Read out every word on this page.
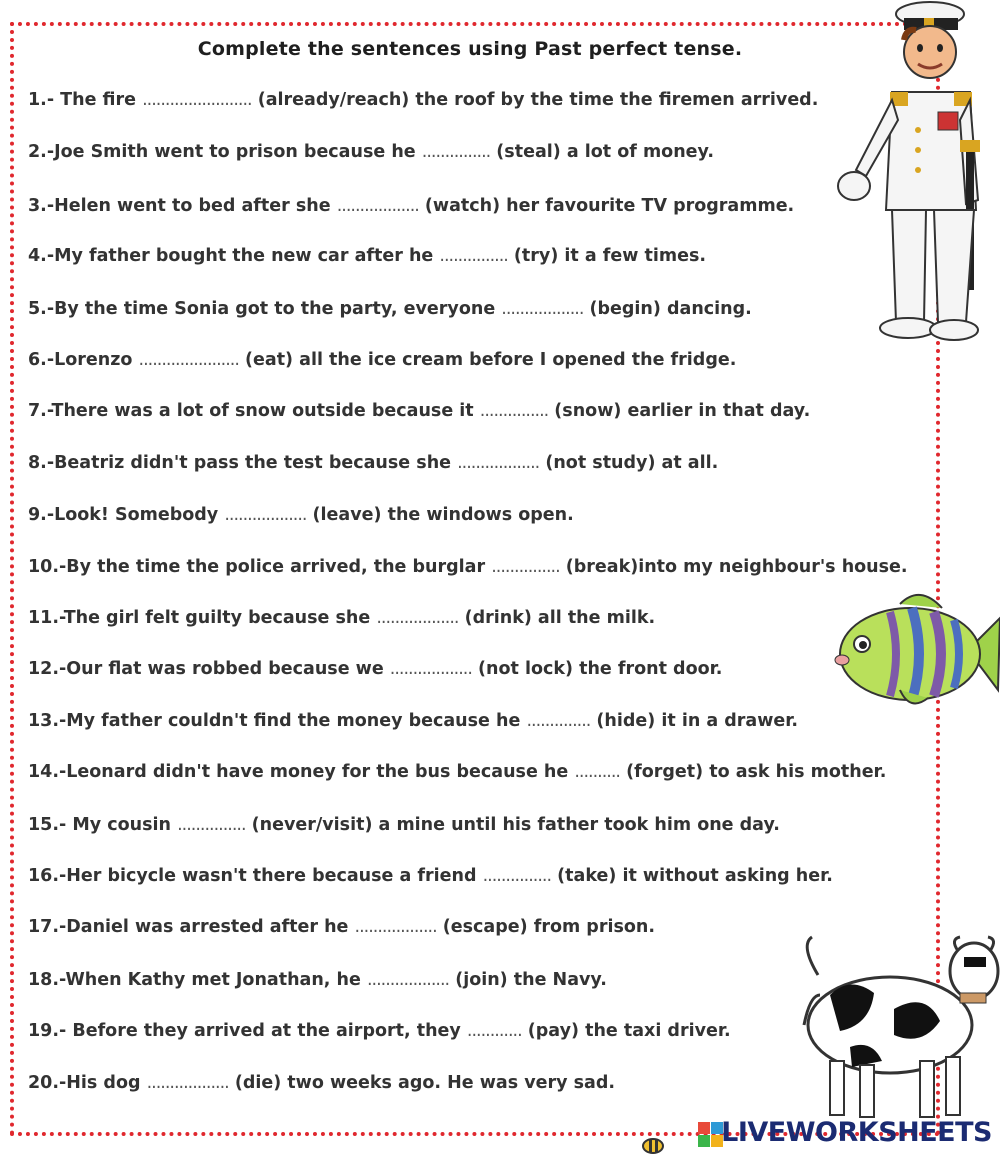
Complete the sentences using Past perfect tense.
1.- The fire ........................ (already/reach) the roof by the time the firemen arrived.
2.-Joe Smith went to prison because he ............... (steal) a lot of money.
3.-Helen went to bed after she .................. (watch) her favourite TV programme.
4.-My father bought the new car after he ............... (try) it a few times.
5.-By the time Sonia got to the party, everyone .................. (begin) dancing.
6.-Lorenzo ...................... (eat) all the ice cream before I opened the fridge.
7.-There was a lot of snow outside because it ............... (snow) earlier in that day.
8.-Beatriz didn't pass the test because she .................. (not study) at all.
9.-Look! Somebody .................. (leave) the windows open.
10.-By the time the police arrived, the burglar ............... (break)into my neighbour's house.
11.-The girl felt guilty because she .................. (drink) all the milk.
12.-Our flat was robbed because we .................. (not lock) the front door.
13.-My father couldn't find the money because he .............. (hide) it in a drawer.
14.-Leonard didn't have money for the bus because he .......... (forget) to ask his mother.
15.- My cousin ............... (never/visit) a mine until his father took him one day.
16.-Her bicycle wasn't there because a friend ............... (take) it without asking her.
17.-Daniel was arrested after he .................. (escape) from prison.
18.-When Kathy met Jonathan, he .................. (join) the Navy.
19.- Before they arrived at the airport, they ............ (pay) the taxi driver.
20.-His dog .................. (die) two weeks ago. He was very sad.
LIVEWORKSHEETS
